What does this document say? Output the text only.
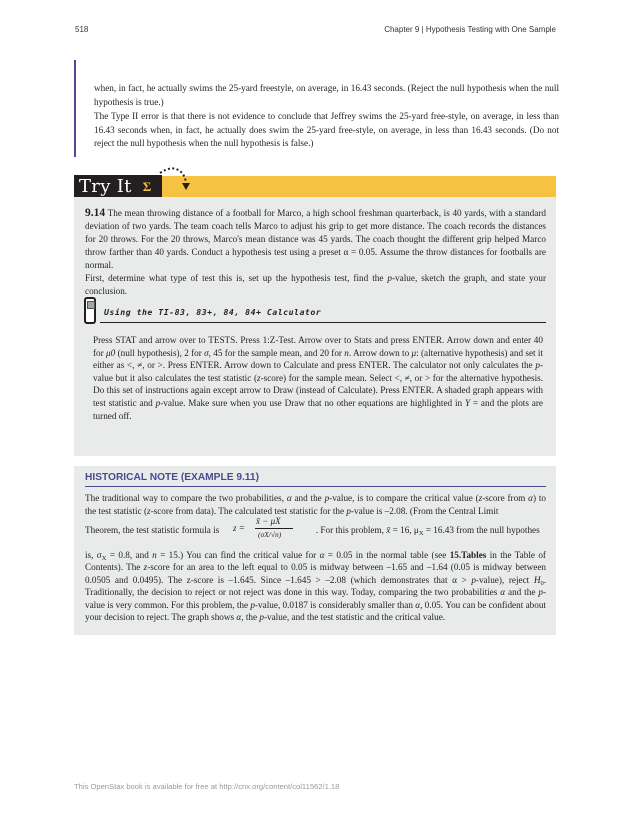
518	Chapter 9 | Hypothesis Testing with One Sample

when, in fact, he actually swims the 25-yard freestyle, on average, in 16.43 seconds. (Reject the null hypothesis when the null hypothesis is true.)

The Type II error is that there is not evidence to conclude that Jeffrey swims the 25-yard free-style, on average, in less than 16.43 seconds when, in fact, he actually does swim the 25-yard free-style, on average, in less than 16.43 seconds. (Do not reject the null hypothesis when the null hypothesis is false.)

Try It Σ

9.14 The mean throwing distance of a football for Marco, a high school freshman quarterback, is 40 yards, with a standard deviation of two yards. The team coach tells Marco to adjust his grip to get more distance. The coach records the distances for 20 throws. For the 20 throws, Marco's mean distance was 45 yards. The coach thought the different grip helped Marco throw farther than 40 yards. Conduct a hypothesis test using a preset α = 0.05. Assume the throw distances for footballs are normal.

First, determine what type of test this is, set up the hypothesis test, find the p-value, sketch the graph, and state your conclusion.

Using the TI-83, 83+, 84, 84+ Calculator

Press STAT and arrow over to TESTS. Press 1:Z-Test. Arrow over to Stats and press ENTER. Arrow down and enter 40 for μ0 (null hypothesis), 2 for σ, 45 for the sample mean, and 20 for n. Arrow down to μ: (alternative hypothesis) and set it either as <, ≠, or >. Press ENTER. Arrow down to Calculate and press ENTER. The calculator not only calculates the p-value but it also calculates the test statistic (z-score) for the sample mean. Select <, ≠, or > for the alternative hypothesis. Do this set of instructions again except arrow to Draw (instead of Calculate). Press ENTER. A shaded graph appears with test statistic and p-value. Make sure when you use Draw that no other equations are highlighted in Y = and the plots are turned off.

HISTORICAL NOTE (EXAMPLE 9.11)

The traditional way to compare the two probabilities, α and the p-value, is to compare the critical value (z-score from α) to the test statistic (z-score from data). The calculated test statistic for the p-value is –2.08. (From the Central Limit

Theorem, the test statistic formula is	. For this problem, x̄ = 16, $\mu_X = 16.43$ from the null hypothes
z =
x̄ − μX
(σX/√n)

is, $\sigma_X = 0.8$, and n = 15.) You can find the critical value for α = 0.05 in the normal table (see 15.Tables in the Table of Contents). The z-score for an area to the left equal to 0.05 is midway between –1.65 and –1.64 (0.05 is midway between 0.0505 and 0.0495). The z-score is –1.645. Since –1.645 > –2.08 (which demonstrates that α > p-value), reject $H_0$. Traditionally, the decision to reject or not reject was done in this way. Today, comparing the two probabilities α and the p-value is very common. For this problem, the p-value, 0.0187 is considerably smaller than α, 0.05. You can be confident about your decision to reject. The graph shows α, the p-value, and the test statistic and the critical value.

This OpenStax book is available for free at http://cnx.org/content/col11562/1.18
